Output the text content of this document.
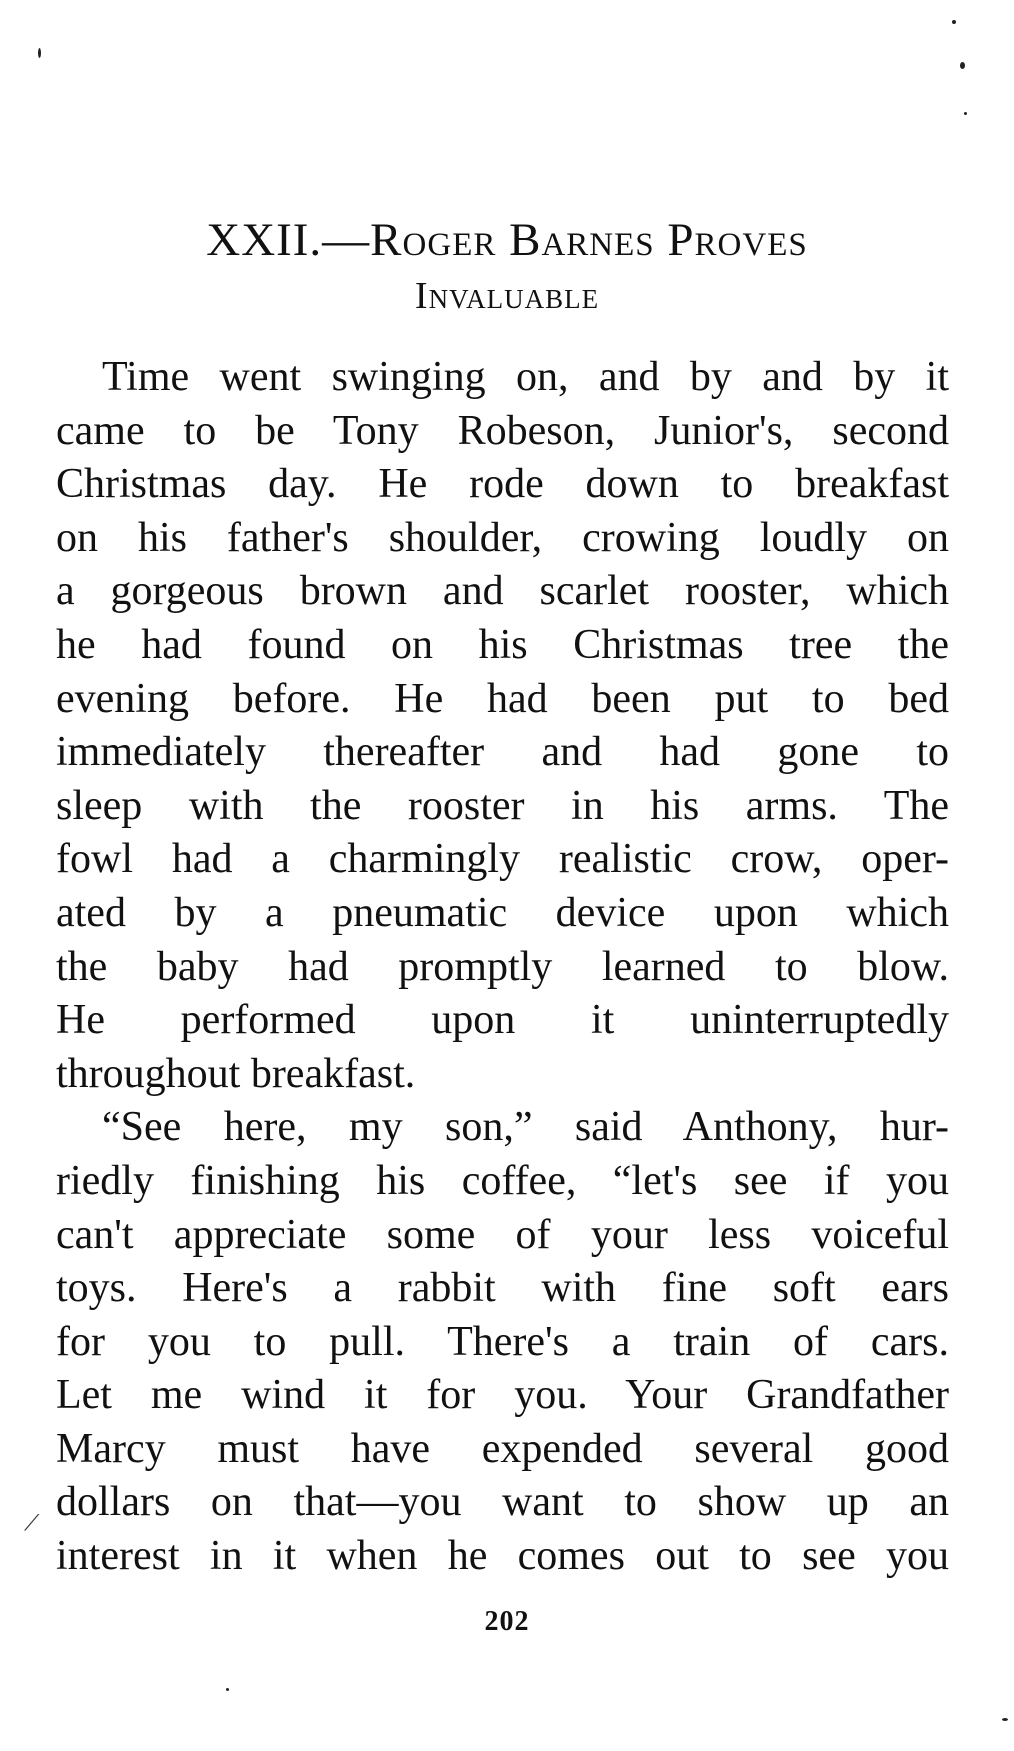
XXII.—Roger Barnes Proves
Invaluable
Time went swinging on, and by and by it
came to be Tony Robeson, Junior's, second
Christmas day. He rode down to breakfast
on his father's shoulder, crowing loudly on
a gorgeous brown and scarlet rooster, which
he had found on his Christmas tree the
evening before. He had been put to bed
immediately thereafter and had gone to
sleep with the rooster in his arms. The
fowl had a charmingly realistic crow, oper-
ated by a pneumatic device upon which
the baby had promptly learned to blow.
He performed upon it uninterruptedly
throughout breakfast.
“See here, my son,” said Anthony, hur-
riedly finishing his coffee, “let's see if you
can't appreciate some of your less voiceful
toys. Here's a rabbit with fine soft ears
for you to pull. There's a train of cars.
Let me wind it for you. Your Grandfather
Marcy must have expended several good
dollars on that—you want to show up an
interest in it when he comes out to see you
202
⟋
